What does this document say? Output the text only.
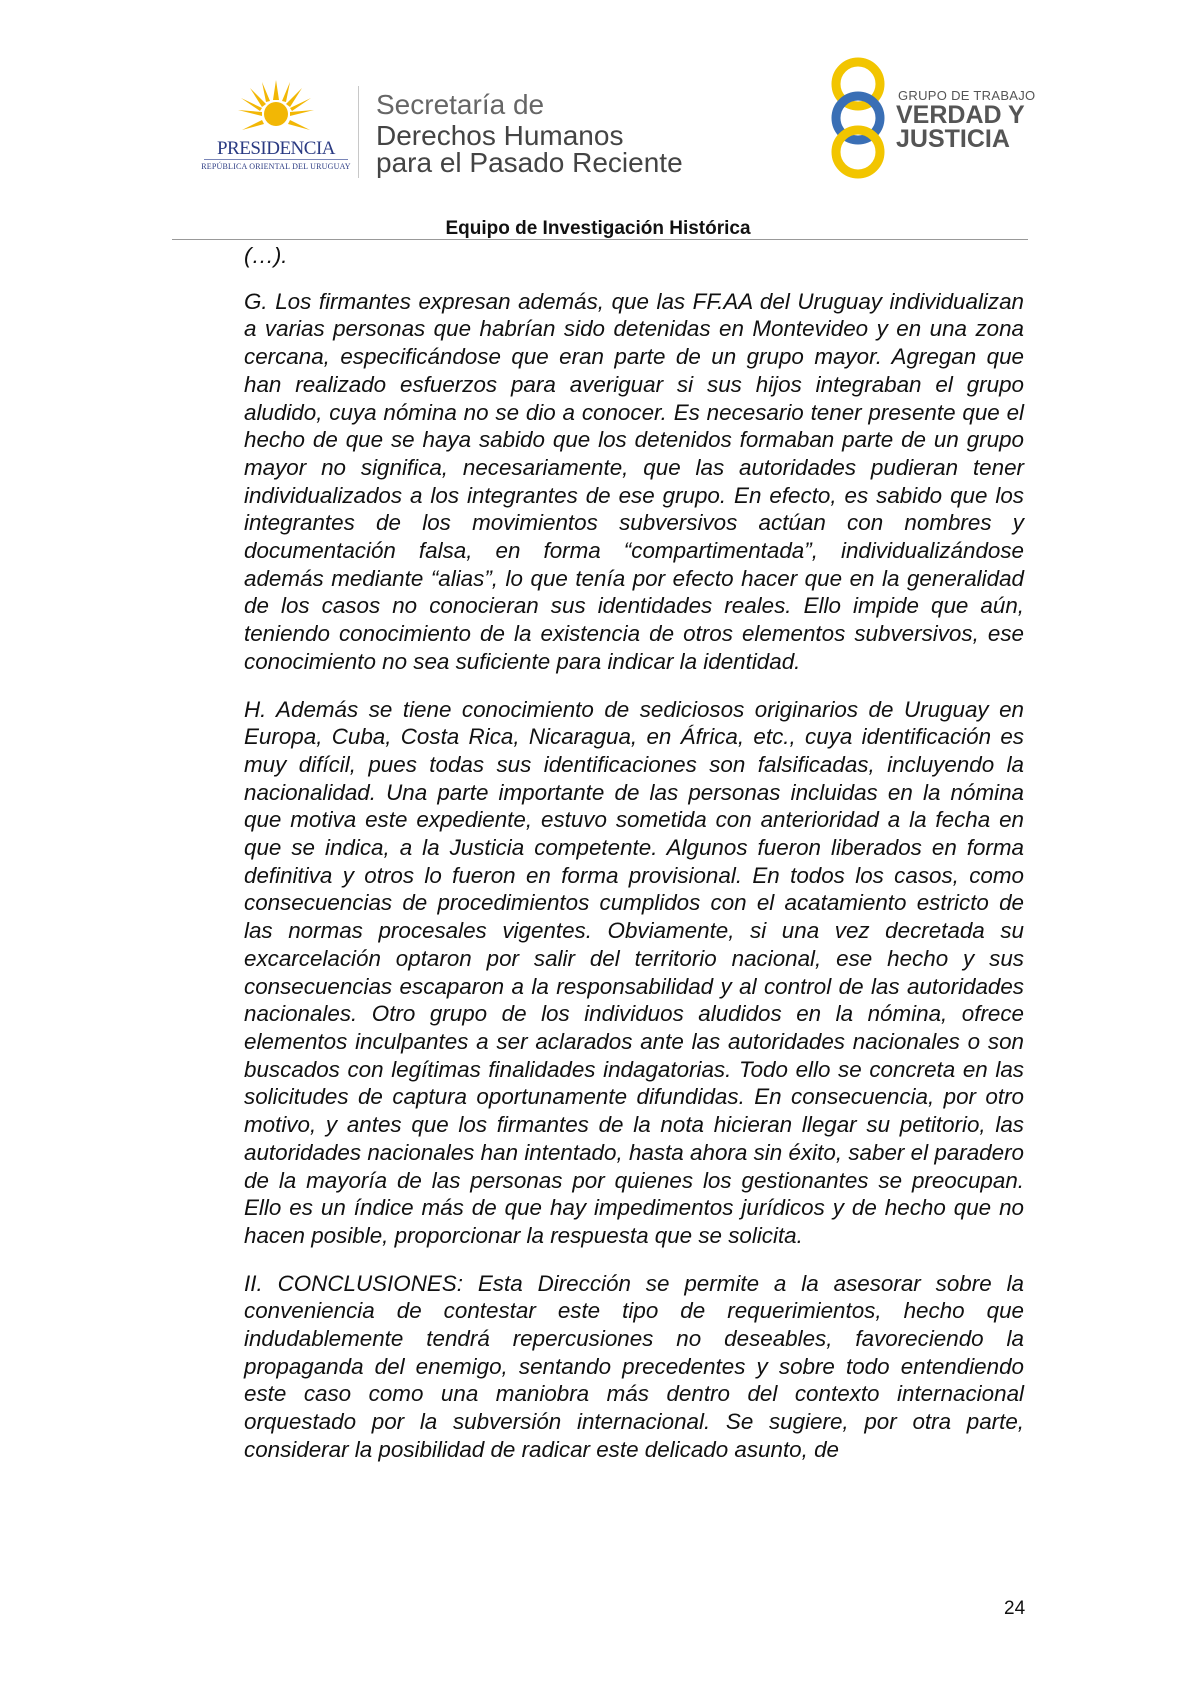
PRESIDENCIA
REPÚBLICA ORIENTAL DEL URUGUAY
Secretaría de
Derechos Humanos
para el Pasado Reciente
GRUPO DE TRABAJO
VERDAD Y
JUSTICIA
Equipo de Investigación Histórica

(…).

G. Los firmantes expresan además, que las FF.AA del Uruguay individualizan a varias personas que habrían sido detenidas en Montevideo y en una zona cercana, especificándose que eran parte de un grupo mayor. Agregan que han realizado esfuerzos para averiguar si sus hijos integraban el grupo aludido, cuya nómina no se dio a conocer. Es necesario tener presente que el hecho de que se haya sabido que los detenidos formaban parte de un grupo mayor no significa, necesariamente, que las autoridades pudieran tener individualizados a los integrantes de ese grupo. En efecto, es sabido que los integrantes de los movimientos subversivos actúan con nombres y documentación falsa, en forma “compartimentada”, individualizándose además mediante “alias”, lo que tenía por efecto hacer que en la generalidad de los casos no conocieran sus identidades reales. Ello impide que aún, teniendo conocimiento de la existencia de otros elementos subversivos, ese conocimiento no sea suficiente para indicar la identidad.

H. Además se tiene conocimiento de sediciosos originarios de Uruguay en Europa, Cuba, Costa Rica, Nicaragua, en África, etc., cuya identificación es muy difícil, pues todas sus identificaciones son falsificadas, incluyendo la nacionalidad. Una parte importante de las personas incluidas en la nómina que motiva este expediente, estuvo sometida con anterioridad a la fecha en que se indica, a la Justicia competente. Algunos fueron liberados en forma definitiva y otros lo fueron en forma provisional. En todos los casos, como consecuencias de procedimientos cumplidos con el acatamiento estricto de las normas procesales vigentes. Obviamente, si una vez decretada su excarcelación optaron por salir del territorio nacional, ese hecho y sus consecuencias escaparon a la responsabilidad y al control de las autoridades nacionales. Otro grupo de los individuos aludidos en la nómina, ofrece elementos inculpantes a ser aclarados ante las autoridades nacionales o son buscados con legítimas finalidades indagatorias. Todo ello se concreta en las solicitudes de captura oportunamente difundidas. En consecuencia, por otro motivo, y antes que los firmantes de la nota hicieran llegar su petitorio, las autoridades nacionales han intentado, hasta ahora sin éxito, saber el paradero de la mayoría de las personas por quienes los gestionantes se preocupan. Ello es un índice más de que hay impedimentos jurídicos y de hecho que no hacen posible, proporcionar la respuesta que se solicita.

II. CONCLUSIONES: Esta Dirección se permite a la asesorar sobre la conveniencia de contestar este tipo de requerimientos, hecho que indudablemente tendrá repercusiones no deseables, favoreciendo la propaganda del enemigo, sentando precedentes y sobre todo entendiendo este caso como una maniobra más dentro del contexto internacional orquestado por la subversión internacional. Se sugiere, por otra parte, considerar la posibilidad de radicar este delicado asunto, de

24
